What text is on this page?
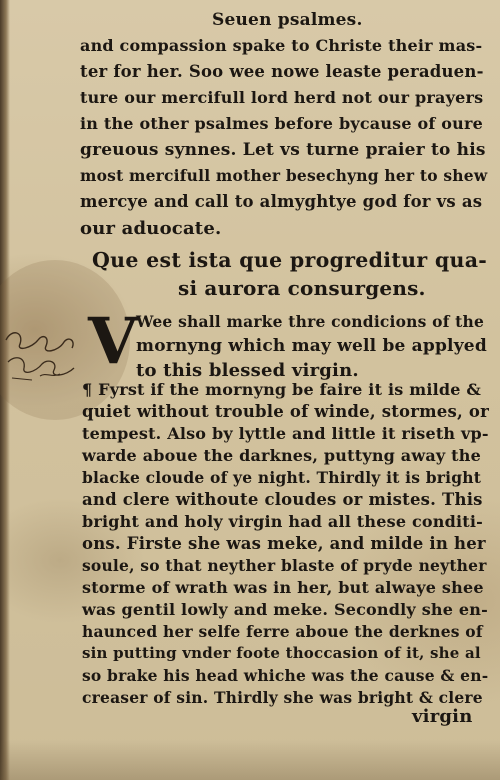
Seuen psalmes.
and compassion spake to Christe their mas-
ter for her. Soo wee nowe leaste peraduen-
ture our mercifull lord herd not our prayers
in the other psalmes before bycause of oure
greuous synnes. Let vs turne praier to his
most mercifull mother besechyng her to shew
mercye and call to almyghtye god for vs as
our aduocate.
Que est ista que progreditur qua-
si aurora consurgens.
V
Wee shall marke thre condicions of the
mornyng which may well be applyed
to this blessed virgin.
¶ Fyrst if the mornyng be faire it is milde &
quiet without trouble of winde, stormes, or
tempest. Also by lyttle and little it riseth vp-
warde aboue the darknes, puttyng away the
blacke cloude of ye night. Thirdly it is bright
and clere withoute cloudes or mistes. This
bright and holy virgin had all these conditi-
ons. Firste she was meke, and milde in her
soule, so that neyther blaste of pryde neyther
storme of wrath was in her, but alwaye shee
was gentil lowly and meke. Secondly she en-
haunced her selfe ferre aboue the derknes of
sin putting vnder foote thoccasion of it, she al
so brake his head whiche was the cause & en-
creaser of sin. Thirdly she was bright & clere
virgin
